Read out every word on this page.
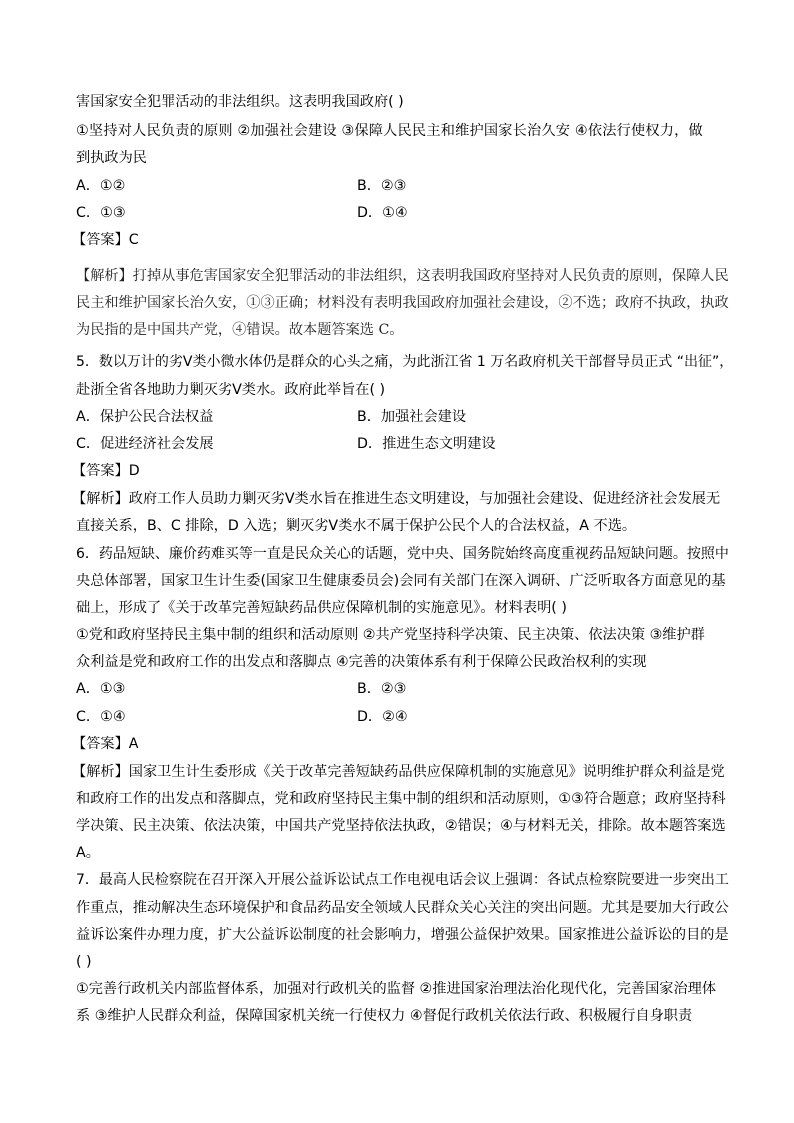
害国家安全犯罪活动的非法组织。这表明我国政府( )
①坚持对人民负责的原则 ②加强社会建设 ③保障人民民主和维护国家长治久安 ④依法行使权力，做
到执政为民
A．①②	B．②③
C．①③	D．①④
【答案】C
【解析】打掉从事危害国家安全犯罪活动的非法组织，这表明我国政府坚持对人民负责的原则，保障人民
民主和维护国家长治久安，①③正确；材料没有表明我国政府加强社会建设，②不选；政府不执政，执政
为民指的是中国共产党，④错误。故本题答案选 C。
5．数以万计的劣Ⅴ类小微水体仍是群众的心头之痛，为此浙江省 1 万名政府机关干部督导员正式 “出征”，
赴浙全省各地助力剿灭劣Ⅴ类水。政府此举旨在( )
A．保护公民合法权益	B．加强社会建设
C．促进经济社会发展	D．推进生态文明建设
【答案】D
【解析】政府工作人员助力剿灭劣Ⅴ类水旨在推进生态文明建设，与加强社会建设、促进经济社会发展无
直接关系，B、C 排除，D 入选；剿灭劣Ⅴ类水不属于保护公民个人的合法权益，A 不选。
6．药品短缺、廉价药难买等一直是民众关心的话题，党中央、国务院始终高度重视药品短缺问题。按照中
央总体部署，国家卫生计生委(国家卫生健康委员会)会同有关部门在深入调研、广泛听取各方面意见的基
础上，形成了《关于改革完善短缺药品供应保障机制的实施意见》。材料表明( )
①党和政府坚持民主集中制的组织和活动原则 ②共产党坚持科学决策、民主决策、依法决策 ③维护群
众利益是党和政府工作的出发点和落脚点 ④完善的决策体系有利于保障公民政治权利的实现
A．①③	B．②③
C．①④	D．②④
【答案】A
【解析】国家卫生计生委形成《关于改革完善短缺药品供应保障机制的实施意见》说明维护群众利益是党
和政府工作的出发点和落脚点，党和政府坚持民主集中制的组织和活动原则，①③符合题意；政府坚持科
学决策、民主决策、依法决策，中国共产党坚持依法执政，②错误；④与材料无关，排除。故本题答案选
A。
7．最高人民检察院在召开深入开展公益诉讼试点工作电视电话会议上强调：各试点检察院要进一步突出工
作重点，推动解决生态环境保护和食品药品安全领域人民群众关心关注的突出问题。尤其是要加大行政公
益诉讼案件办理力度，扩大公益诉讼制度的社会影响力，增强公益保护效果。国家推进公益诉讼的目的是
( )
①完善行政机关内部监督体系，加强对行政机关的监督 ②推进国家治理法治化现代化，完善国家治理体
系 ③维护人民群众利益，保障国家机关统一行使权力 ④督促行政机关依法行政、积极履行自身职责
